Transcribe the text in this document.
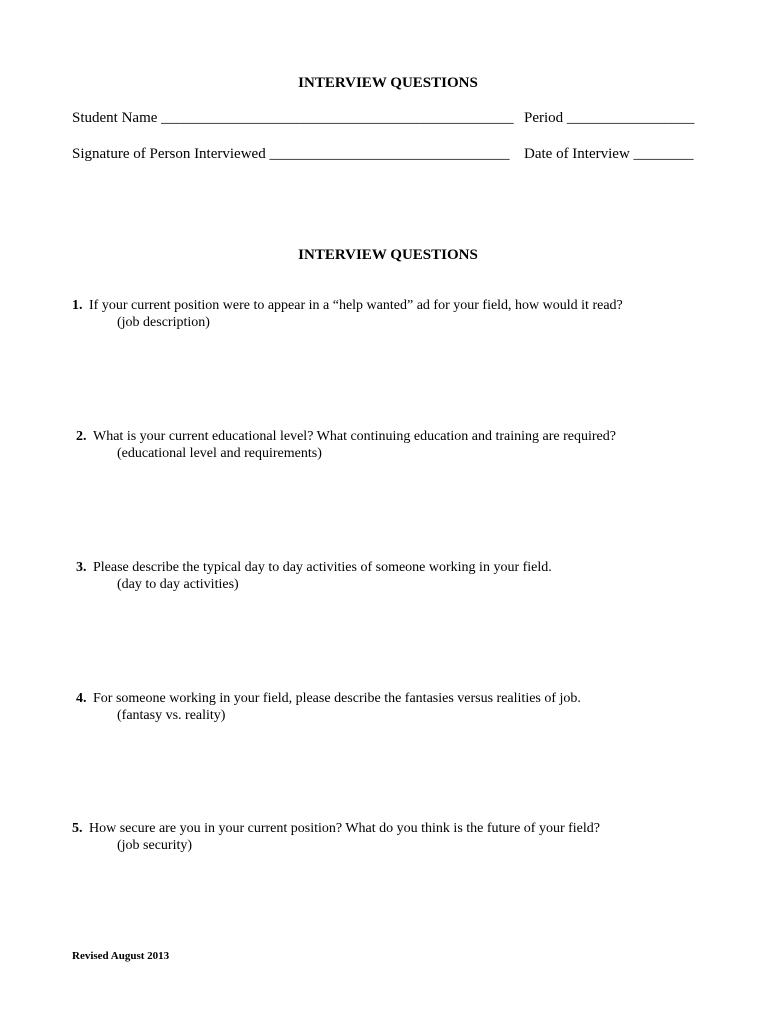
INTERVIEW QUESTIONS
Student Name _______________________________________________ Period _________________
Signature of Person Interviewed ________________________________ Date of Interview ________
INTERVIEW QUESTIONS
1. If your current position were to appear in a “help wanted” ad for your field, how would it read?
(job description)
2. What is your current educational level? What continuing education and training are required?
(educational level and requirements)
3. Please describe the typical day to day activities of someone working in your field.
(day to day activities)
4. For someone working in your field, please describe the fantasies versus realities of job.
(fantasy vs. reality)
5. How secure are you in your current position? What do you think is the future of your field?
(job security)
Revised August 2013
